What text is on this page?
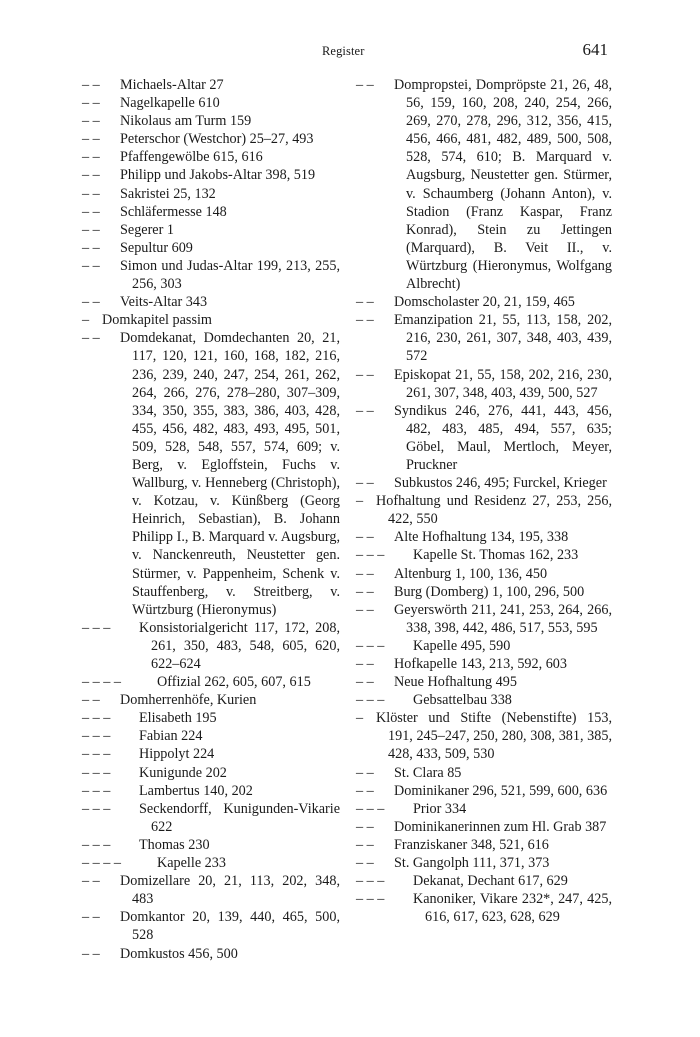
Register	641
– –	Michaels-Altar 27
– –	Nagelkapelle 610
– –	Nikolaus am Turm 159
– –	Peterschor (Westchor) 25–27, 493
– –	Pfaffengewölbe 615, 616
– –	Philipp und Jakobs-Altar 398, 519
– –	Sakristei 25, 132
– –	Schläfermesse 148
– –	Segerer 1
– –	Sepultur 609
– –	Simon und Judas-Altar 199, 213, 255, 256, 303
– –	Veits-Altar 343
– Domkapitel passim
– –	Domdekanat, Domdechanten 20, 21, 117, 120, 121, 160, 168, 182, 216, 236, 239, 240, 247, 254, 261, 262, 264, 266, 276, 278–280, 307–309, 334, 350, 355, 383, 386, 403, 428, 455, 456, 482, 483, 493, 495, 501, 509, 528, 548, 557, 574, 609; v. Berg, v. Egloffstein, Fuchs v. Wallburg, v. Henneberg (Christoph), v. Kotzau, v. Künßberg (Georg Heinrich, Sebastian), B. Johann Philipp I., B. Marquard v. Augsburg, v. Nanckenreuth, Neustetter gen. Stürmer, v. Pappenheim, Schenk v. Stauffenberg, v. Streitberg, v. Würtzburg (Hieronymus)
– – –	Konsistorialgericht 117, 172, 208, 261, 350, 483, 548, 605, 620, 622–624
– – – –	Offizial 262, 605, 607, 615
– –	Domherrenhöfe, Kurien
– – –	Elisabeth 195
– – –	Fabian 224
– – –	Hippolyt 224
– – –	Kunigunde 202
– – –	Lambertus 140, 202
– – –	Seckendorff, Kunigunden-Vikarie 622
– – –	Thomas 230
– – – –	Kapelle 233
– –	Domizellare 20, 21, 113, 202, 348, 483
– –	Domkantor 20, 139, 440, 465, 500, 528
– –	Domkustos 456, 500
– –	Dompropstei, Dompröpste 21, 26, 48, 56, 159, 160, 208, 240, 254, 266, 269, 270, 278, 296, 312, 356, 415, 456, 466, 481, 482, 489, 500, 508, 528, 574, 610; B. Marquard v. Augsburg, Neustetter gen. Stürmer, v. Schaumberg (Johann Anton), v. Stadion (Franz Kaspar, Franz Konrad), Stein zu Jettingen (Marquard), B. Veit II., v. Würtzburg (Hieronymus, Wolfgang Albrecht)
– –	Domscholaster 20, 21, 159, 465
– –	Emanzipation 21, 55, 113, 158, 202, 216, 230, 261, 307, 348, 403, 439, 572
– –	Episkopat 21, 55, 158, 202, 216, 230, 261, 307, 348, 403, 439, 500, 527
– –	Syndikus 246, 276, 441, 443, 456, 482, 483, 485, 494, 557, 635; Göbel, Maul, Mertloch, Meyer, Pruckner
– –	Subkustos 246, 495; Furckel, Krieger
– Hofhaltung und Residenz 27, 253, 256, 422, 550
– –	Alte Hofhaltung 134, 195, 338
– – –	Kapelle St. Thomas 162, 233
– –	Altenburg 1, 100, 136, 450
– –	Burg (Domberg) 1, 100, 296, 500
– –	Geyerswörth 211, 241, 253, 264, 266, 338, 398, 442, 486, 517, 553, 595
– – –	Kapelle 495, 590
– –	Hofkapelle 143, 213, 592, 603
– –	Neue Hofhaltung 495
– – –	Gebsattelbau 338
– Klöster und Stifte (Nebenstifte) 153, 191, 245–247, 250, 280, 308, 381, 385, 428, 433, 509, 530
– –	St. Clara 85
– –	Dominikaner 296, 521, 599, 600, 636
– – –	Prior 334
– –	Dominikanerinnen zum Hl. Grab 387
– –	Franziskaner 348, 521, 616
– –	St. Gangolph 111, 371, 373
– – –	Dekanat, Dechant 617, 629
– – –	Kanoniker, Vikare 232*, 247, 425, 616, 617, 623, 628, 629
